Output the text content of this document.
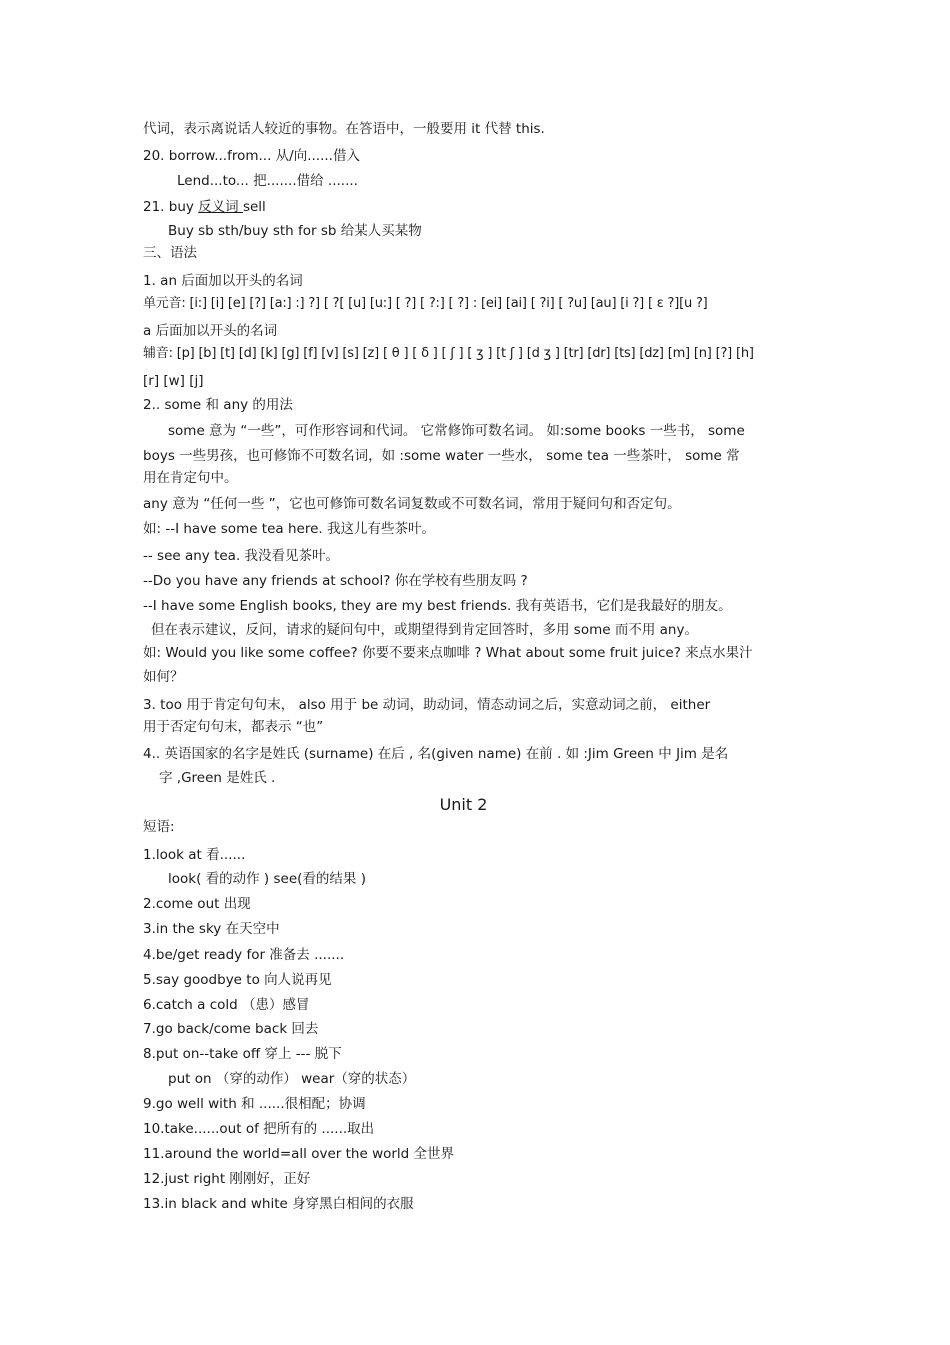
代词，表示离说话人较近的事物。在答语中，一般要用 it 代替 this.
20. borrow...from... 从/向......借入
Lend...to... 把.......借给 .......
21. buy 反义词 sell
Buy sb sth/buy sth for sb 给某人买某物
三、语法
1. an 后面加以开头的名词
单元音: [i:] [i] [e] [?] [a:] :] ?] [ ?[ [u] [u:] [ ?] [ ?:] [ ?] : [ei] [ai] [ ?i] [ ?u] [au] [i ?] [ ε ?][u ?]
a 后面加以开头的名词
辅音: [p] [b] [t] [d] [k] [g] [f] [v] [s] [z] [ θ ] [ δ ] [ ʃ ] [ ʒ ] [t ʃ ] [d ʒ ] [tr] [dr] [ts] [dz] [m] [n] [?] [h]
[r] [w] [j]
2.. some 和 any 的用法
some 意为 “一些”，可作形容词和代词。 它常修饰可数名词。 如:some books 一些书， some
boys 一些男孩，也可修饰不可数名词，如 :some water 一些水， some tea 一些茶叶， some 常
用在肯定句中。
any 意为 “任何一些 ”，它也可修饰可数名词复数或不可数名词，常用于疑问句和否定句。
如: --I have some tea here. 我这儿有些茶叶。
-- see any tea. 我没看见茶叶。
--Do you have any friends at school? 你在学校有些朋友吗 ?
--I have some English books, they are my best friends. 我有英语书，它们是我最好的朋友。
但在表示建议，反问，请求的疑问句中，或期望得到肯定回答时，多用 some 而不用 any。
如: Would you like some coffee? 你要不要来点咖啡 ? What about some fruit juice? 来点水果汁
如何？
3. too 用于肯定句句末， also 用于 be 动词，助动词，情态动词之后，实意动词之前， either
用于否定句句末，都表示 “也”
4.. 英语国家的名字是姓氏 (surname) 在后 , 名(given name) 在前 . 如 :Jim Green 中 Jim 是名
字 ,Green 是姓氏 .
Unit 2
短语:
1.look at 看......
look( 看的动作 ) see(看的结果 )
2.come out 出现
3.in the sky 在天空中
4.be/get ready for 准备去 .......
5.say goodbye to 向人说再见
6.catch a cold （患）感冒
7.go back/come back 回去
8.put on--take off 穿上 --- 脱下
put on （穿的动作） wear（穿的状态）
9.go well with 和 ......很相配；协调
10.take......out of 把所有的 ......取出
11.around the world=all over the world 全世界
12.just right 刚刚好，正好
13.in black and white 身穿黑白相间的衣服
